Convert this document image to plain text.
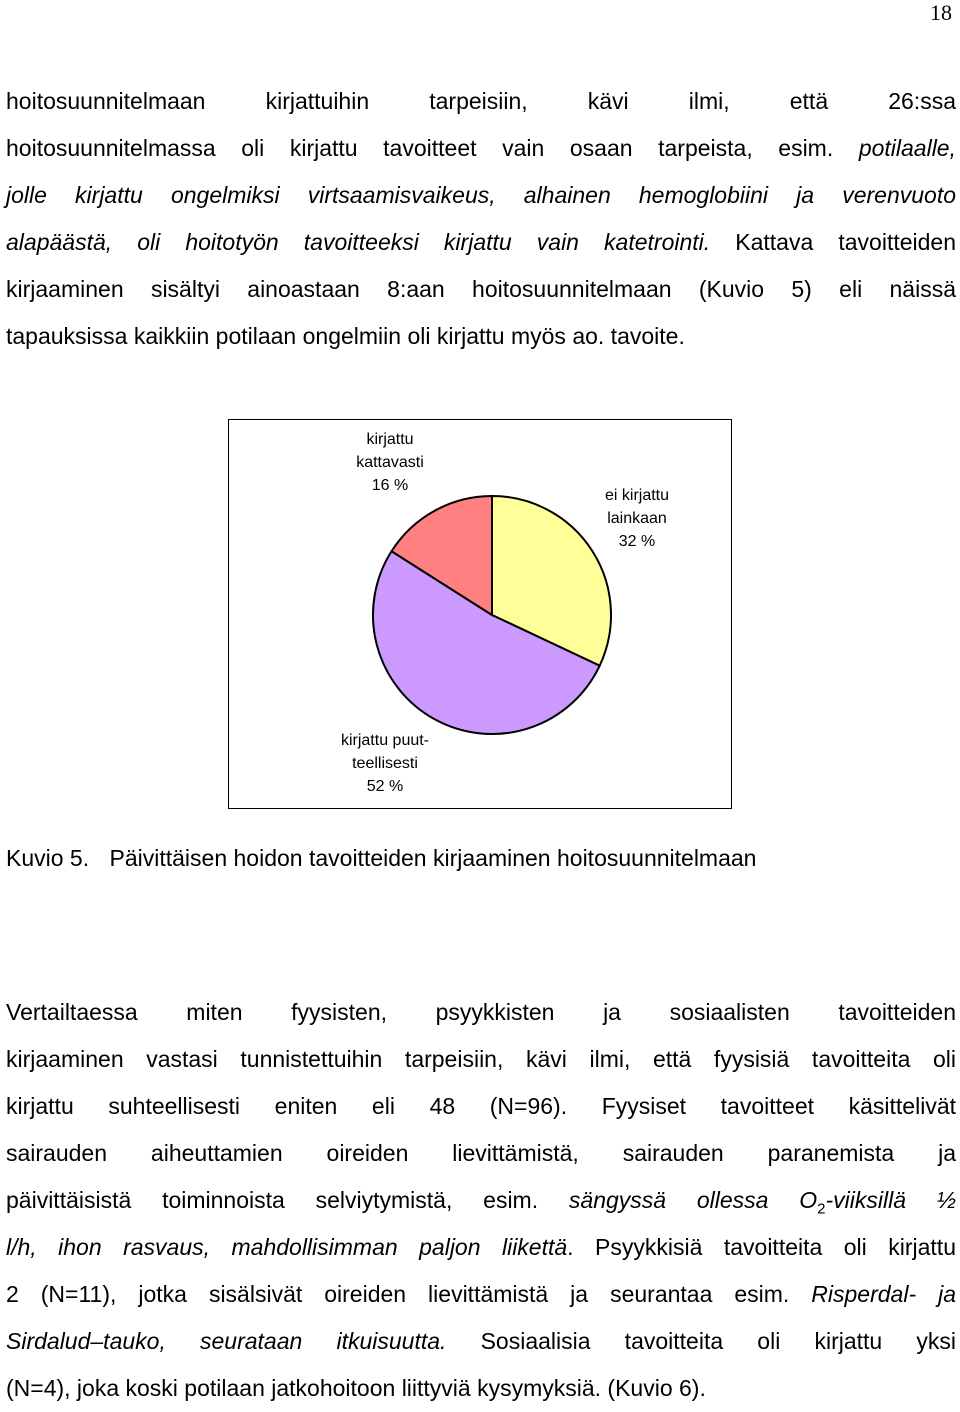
18
hoitosuunnitelmaan kirjattuihin tarpeisiin, kävi ilmi, että 26:ssa
hoitosuunnitelmassa oli kirjattu tavoitteet vain osaan tarpeista, esim. potilaalle,
jolle kirjattu ongelmiksi virtsaamisvaikeus, alhainen hemoglobiini ja verenvuoto
alapäästä, oli hoitotyön tavoitteeksi kirjattu vain katetrointi. Kattava tavoitteiden
kirjaaminen sisältyi ainoastaan 8:aan hoitosuunnitelmaan (Kuvio 5) eli näissä
tapauksissa kaikkiin potilaan ongelmiin oli kirjattu myös ao. tavoite.
ei kirjattu
lainkaan
32 %
kirjattu puut-
teellisesti
52 %
kirjattu
kattavasti
16 %
Kuvio 5. Päivittäisen hoidon tavoitteiden kirjaaminen hoitosuunnitelmaan
Vertailtaessa miten fyysisten, psyykkisten ja sosiaalisten tavoitteiden
kirjaaminen vastasi tunnistettuihin tarpeisiin, kävi ilmi, että fyysisiä tavoitteita oli
kirjattu suhteellisesti eniten eli 48 (N=96). Fyysiset tavoitteet käsittelivät
sairauden aiheuttamien oireiden lievittämistä, sairauden paranemista ja
päivittäisistä toiminnoista selviytymistä, esim. sängyssä ollessa $O_2$-viiksillä ½
l/h, ihon rasvaus, mahdollisimman paljon liikettä. Psyykkisiä tavoitteita oli kirjattu
2 (N=11), jotka sisälsivät oireiden lievittämistä ja seurantaa esim. Risperdal- ja
Sirdalud–tauko, seurataan itkuisuutta. Sosiaalisia tavoitteita oli kirjattu yksi
(N=4), joka koski potilaan jatkohoitoon liittyviä kysymyksiä. (Kuvio 6).
